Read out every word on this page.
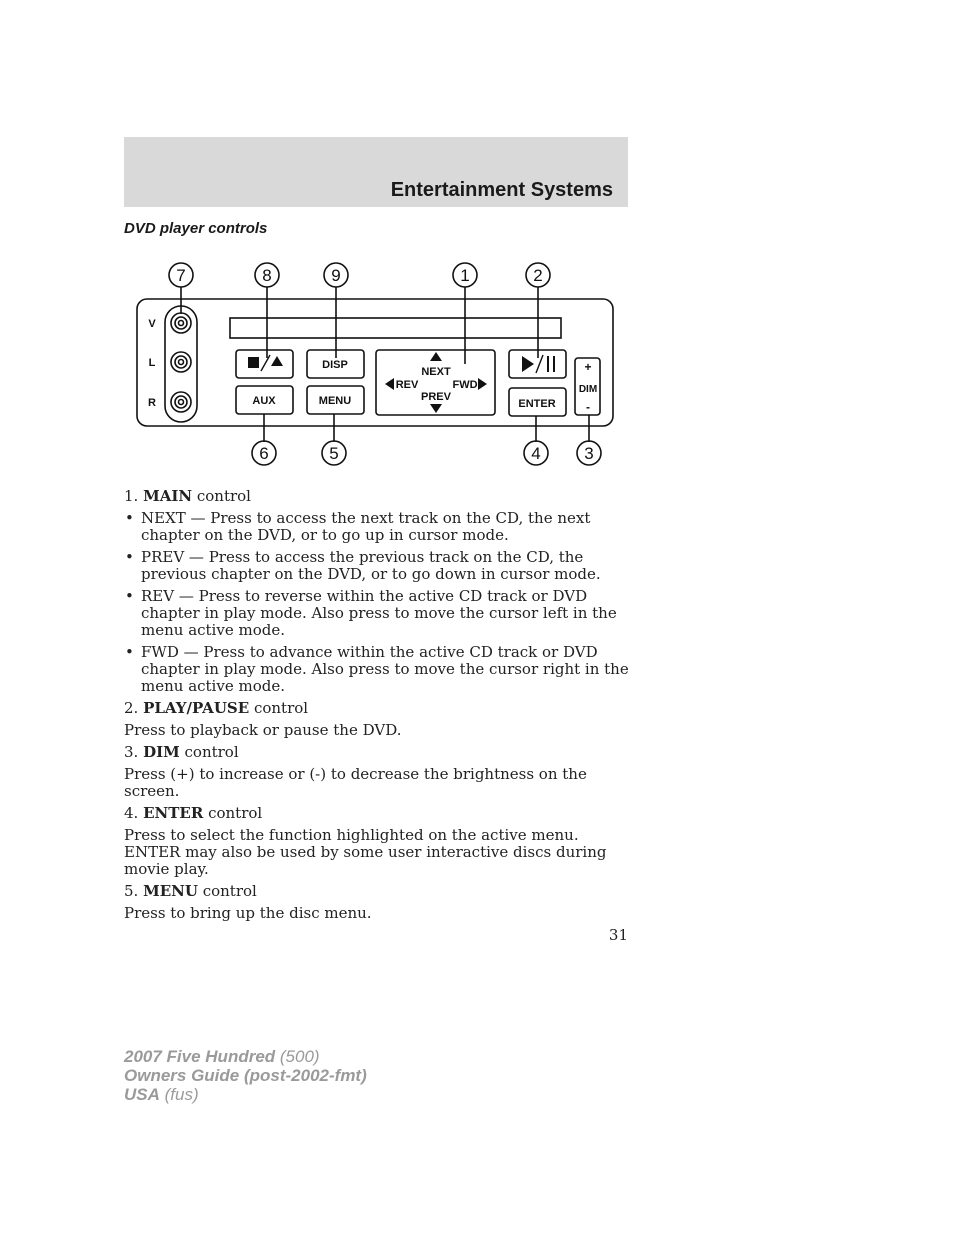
Entertainment Systems
DVD player controls
7	8	9	1	2
6	5	4	3
V
L
R
DISP
AUX	MENU	ENTER
NEXT
PREV
REV	FWD	DIM
+
-

1. MAIN control

• NEXT — Press to access the next track on the CD, the next chapter on the DVD, or to go up in cursor mode.

• PREV — Press to access the previous track on the CD, the previous chapter on the DVD, or to go down in cursor mode.

• REV — Press to reverse within the active CD track or DVD chapter in play mode. Also press to move the cursor left in the menu active mode.

• FWD — Press to advance within the active CD track or DVD chapter in play mode. Also press to move the cursor right in the menu active mode.

2. PLAY/PAUSE control

Press to playback or pause the DVD.

3. DIM control

Press (+) to increase or (-) to decrease the brightness on the screen.

4. ENTER control

Press to select the function highlighted on the active menu. ENTER may also be used by some user interactive discs during movie play.

5. MENU control

Press to bring up the disc menu.

31
2007 Five Hundred (500)
Owners Guide (post-2002-fmt)
USA (fus)
